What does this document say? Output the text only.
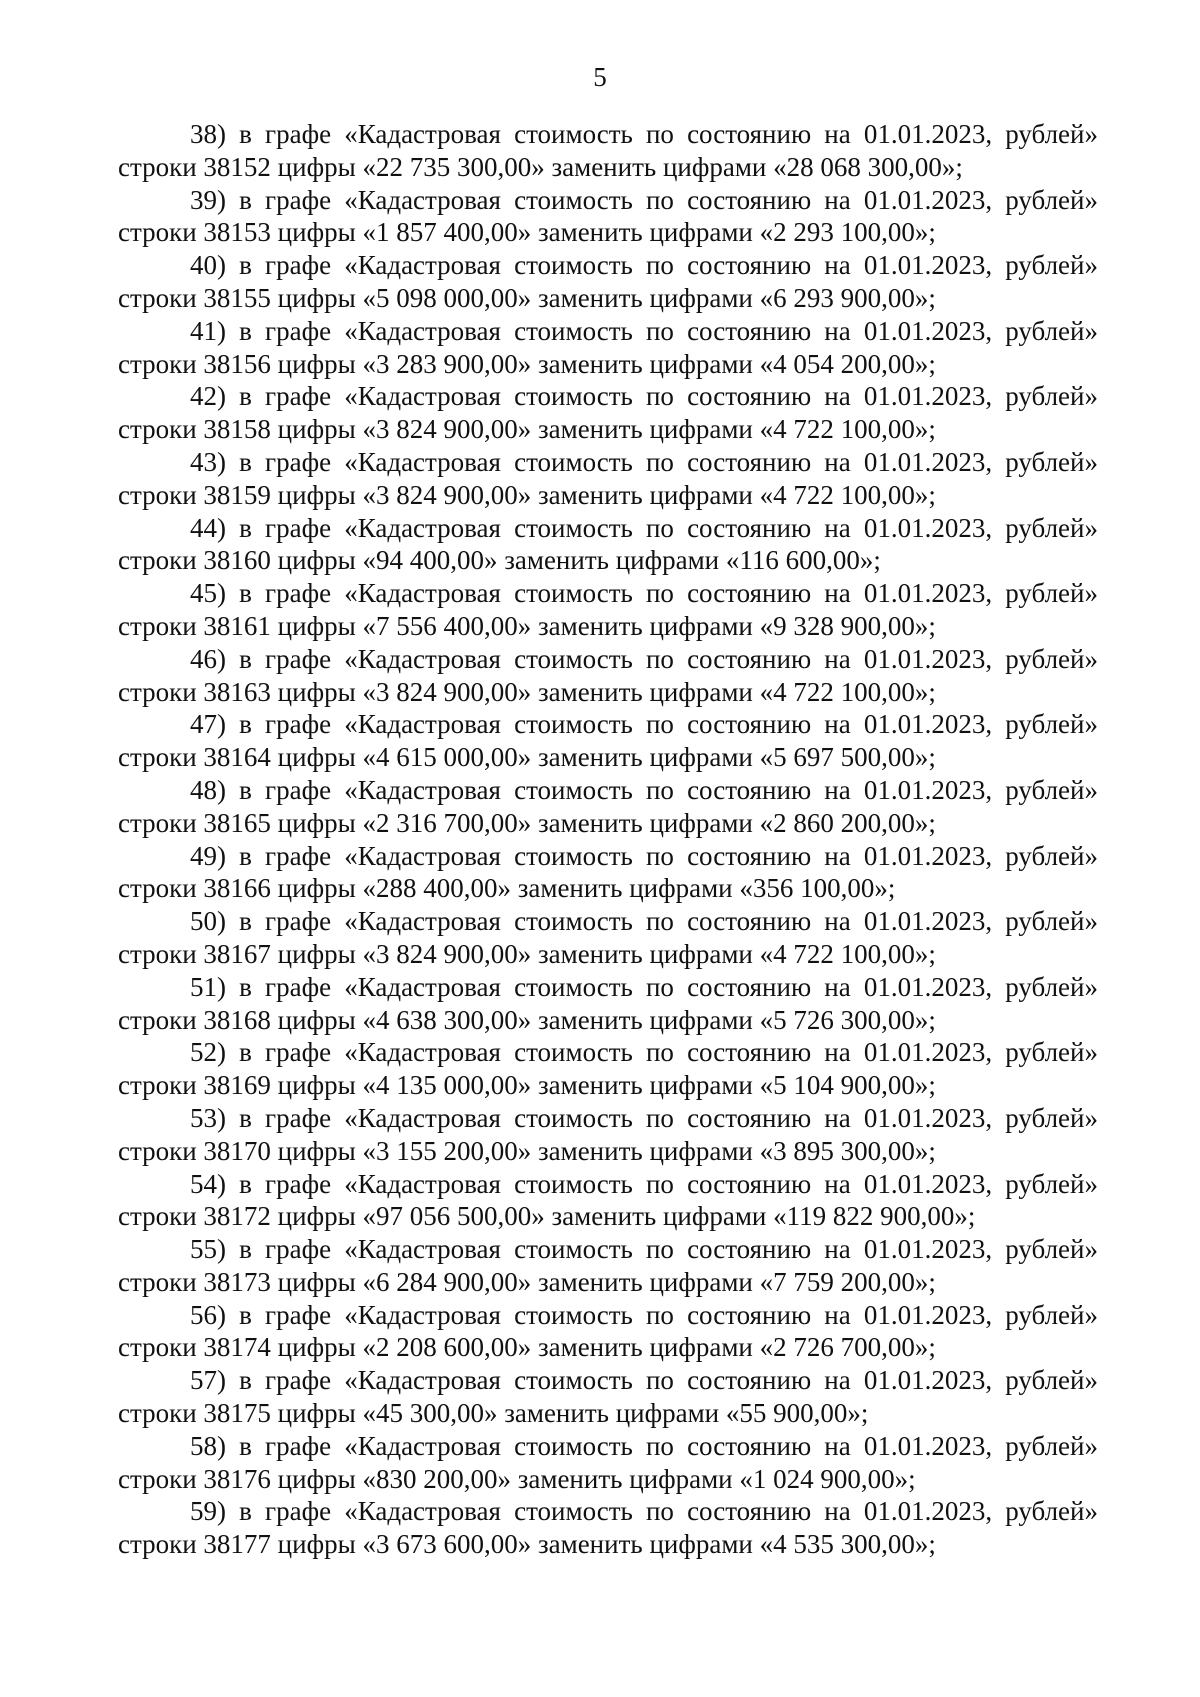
5
38) в графе «Кадастровая стоимость по состоянию на 01.01.2023, рублей»
строки 38152 цифры «22 735 300,00» заменить цифрами «28 068 300,00»;
39) в графе «Кадастровая стоимость по состоянию на 01.01.2023, рублей»
строки 38153 цифры «1 857 400,00» заменить цифрами «2 293 100,00»;
40) в графе «Кадастровая стоимость по состоянию на 01.01.2023, рублей»
строки 38155 цифры «5 098 000,00» заменить цифрами «6 293 900,00»;
41) в графе «Кадастровая стоимость по состоянию на 01.01.2023, рублей»
строки 38156 цифры «3 283 900,00» заменить цифрами «4 054 200,00»;
42) в графе «Кадастровая стоимость по состоянию на 01.01.2023, рублей»
строки 38158 цифры «3 824 900,00» заменить цифрами «4 722 100,00»;
43) в графе «Кадастровая стоимость по состоянию на 01.01.2023, рублей»
строки 38159 цифры «3 824 900,00» заменить цифрами «4 722 100,00»;
44) в графе «Кадастровая стоимость по состоянию на 01.01.2023, рублей»
строки 38160 цифры «94 400,00» заменить цифрами «116 600,00»;
45) в графе «Кадастровая стоимость по состоянию на 01.01.2023, рублей»
строки 38161 цифры «7 556 400,00» заменить цифрами «9 328 900,00»;
46) в графе «Кадастровая стоимость по состоянию на 01.01.2023, рублей»
строки 38163 цифры «3 824 900,00» заменить цифрами «4 722 100,00»;
47) в графе «Кадастровая стоимость по состоянию на 01.01.2023, рублей»
строки 38164 цифры «4 615 000,00» заменить цифрами «5 697 500,00»;
48) в графе «Кадастровая стоимость по состоянию на 01.01.2023, рублей»
строки 38165 цифры «2 316 700,00» заменить цифрами «2 860 200,00»;
49) в графе «Кадастровая стоимость по состоянию на 01.01.2023, рублей»
строки 38166 цифры «288 400,00» заменить цифрами «356 100,00»;
50) в графе «Кадастровая стоимость по состоянию на 01.01.2023, рублей»
строки 38167 цифры «3 824 900,00» заменить цифрами «4 722 100,00»;
51) в графе «Кадастровая стоимость по состоянию на 01.01.2023, рублей»
строки 38168 цифры «4 638 300,00» заменить цифрами «5 726 300,00»;
52) в графе «Кадастровая стоимость по состоянию на 01.01.2023, рублей»
строки 38169 цифры «4 135 000,00» заменить цифрами «5 104 900,00»;
53) в графе «Кадастровая стоимость по состоянию на 01.01.2023, рублей»
строки 38170 цифры «3 155 200,00» заменить цифрами «3 895 300,00»;
54) в графе «Кадастровая стоимость по состоянию на 01.01.2023, рублей»
строки 38172 цифры «97 056 500,00» заменить цифрами «119 822 900,00»;
55) в графе «Кадастровая стоимость по состоянию на 01.01.2023, рублей»
строки 38173 цифры «6 284 900,00» заменить цифрами «7 759 200,00»;
56) в графе «Кадастровая стоимость по состоянию на 01.01.2023, рублей»
строки 38174 цифры «2 208 600,00» заменить цифрами «2 726 700,00»;
57) в графе «Кадастровая стоимость по состоянию на 01.01.2023, рублей»
строки 38175 цифры «45 300,00» заменить цифрами «55 900,00»;
58) в графе «Кадастровая стоимость по состоянию на 01.01.2023, рублей»
строки 38176 цифры «830 200,00» заменить цифрами «1 024 900,00»;
59) в графе «Кадастровая стоимость по состоянию на 01.01.2023, рублей»
строки 38177 цифры «3 673 600,00» заменить цифрами «4 535 300,00»;
